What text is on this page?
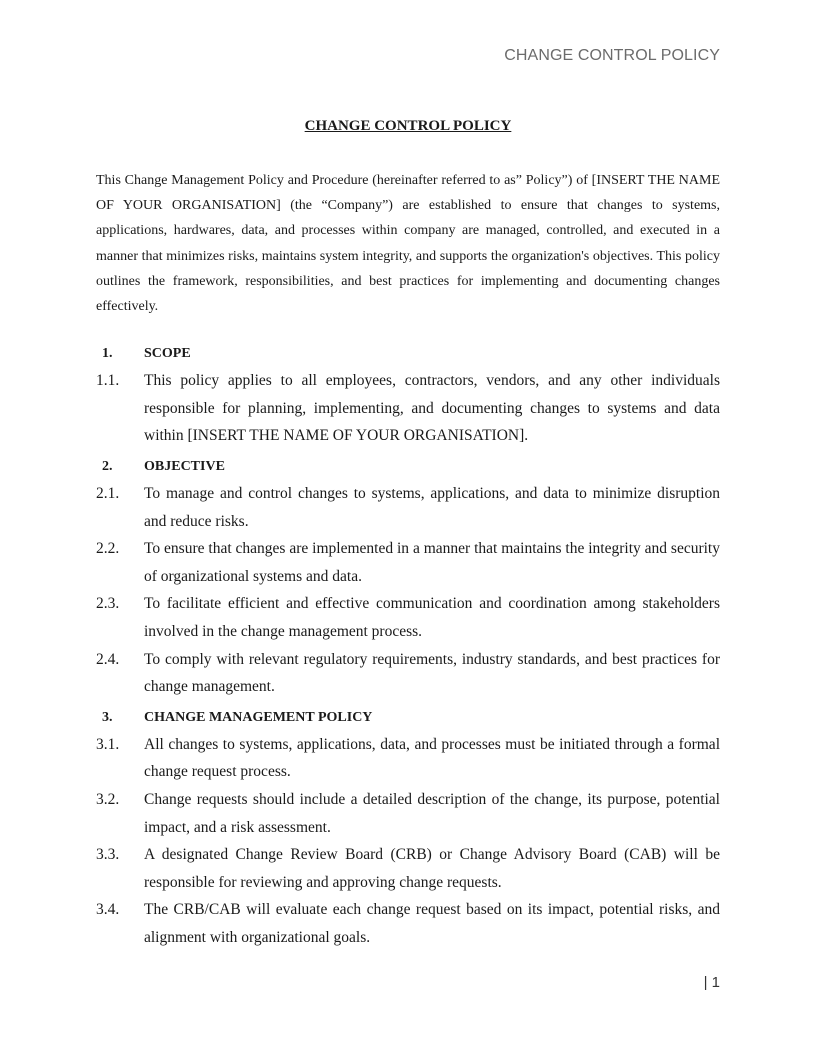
CHANGE CONTROL POLICY
CHANGE CONTROL POLICY
This Change Management Policy and Procedure (hereinafter referred to as” Policy”) of [INSERT THE NAME OF YOUR ORGANISATION] (the “Company”) are established to ensure that changes to systems, applications, hardwares, data, and processes within company are managed, controlled, and executed in a manner that minimizes risks, maintains system integrity, and supports the organization's objectives. This policy outlines the framework, responsibilities, and best practices for implementing and documenting changes effectively.
1.	SCOPE
1.1.	This policy applies to all employees, contractors, vendors, and any other individuals responsible for planning, implementing, and documenting changes to systems and data within [INSERT THE NAME OF YOUR ORGANISATION].
2.	OBJECTIVE
2.1.	To manage and control changes to systems, applications, and data to minimize disruption and reduce risks.
2.2.	To ensure that changes are implemented in a manner that maintains the integrity and security of organizational systems and data.
2.3.	To facilitate efficient and effective communication and coordination among stakeholders involved in the change management process.
2.4.	To comply with relevant regulatory requirements, industry standards, and best practices for change management.
3.	CHANGE MANAGEMENT POLICY
3.1.	All changes to systems, applications, data, and processes must be initiated through a formal change request process.
3.2.	Change requests should include a detailed description of the change, its purpose, potential impact, and a risk assessment.
3.3.	A designated Change Review Board (CRB) or Change Advisory Board (CAB) will be responsible for reviewing and approving change requests.
3.4.	The CRB/CAB will evaluate each change request based on its impact, potential risks, and alignment with organizational goals.
| 1
